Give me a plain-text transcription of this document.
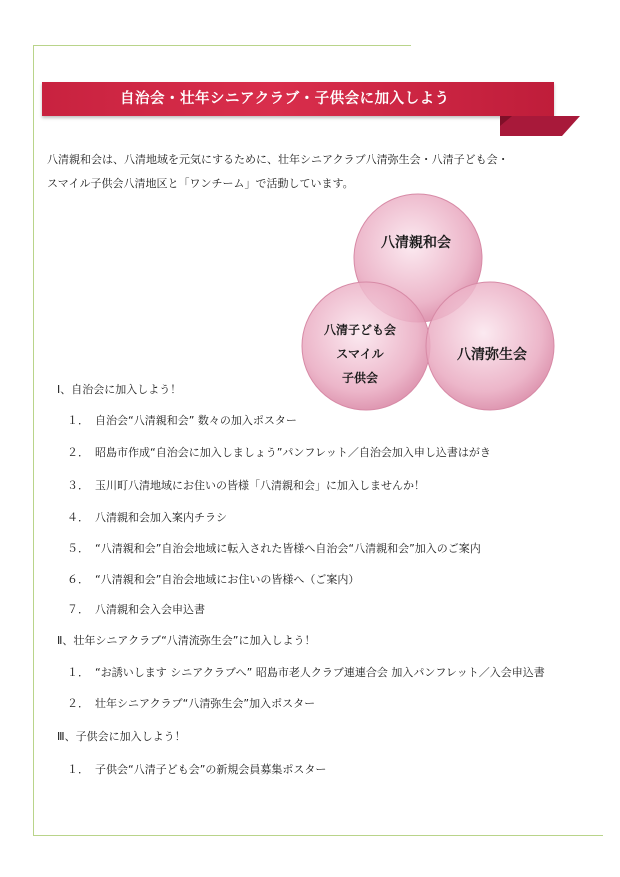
自治会・壮年シニアクラブ・子供会に加入しよう
八清親和会は、八清地域を元気にするために、壮年シニアクラブ八清弥生会・八清子ども会・
スマイル子供会八清地区と「ワンチーム」で活動しています。
八清親和会
八清子ども会
スマイル
子供会
八清弥生会
Ⅰ、自治会に加入しよう！
１． 自治会“八清親和会” 数々の加入ポスター
２． 昭島市作成“自治会に加入しましょう”パンフレット／自治会加入申し込書はがき
３． 玉川町八清地域にお住いの皆様「八清親和会」に加入しませんか！
４． 八清親和会加入案内チラシ
５． “八清親和会”自治会地域に転入された皆様へ自治会“八清親和会”加入のご案内
６． “八清親和会”自治会地域にお住いの皆様へ（ご案内）
７． 八清親和会入会申込書
Ⅱ、壮年シニアクラブ“八清流弥生会”に加入しよう！
１． “お誘いします シニアクラブへ” 昭島市老人クラブ連連合会 加入パンフレット／入会申込書
２． 壮年シニアクラブ“八清弥生会”加入ポスター
Ⅲ、子供会に加入しよう！
１． 子供会“八清子ども会”の新規会員募集ポスター
